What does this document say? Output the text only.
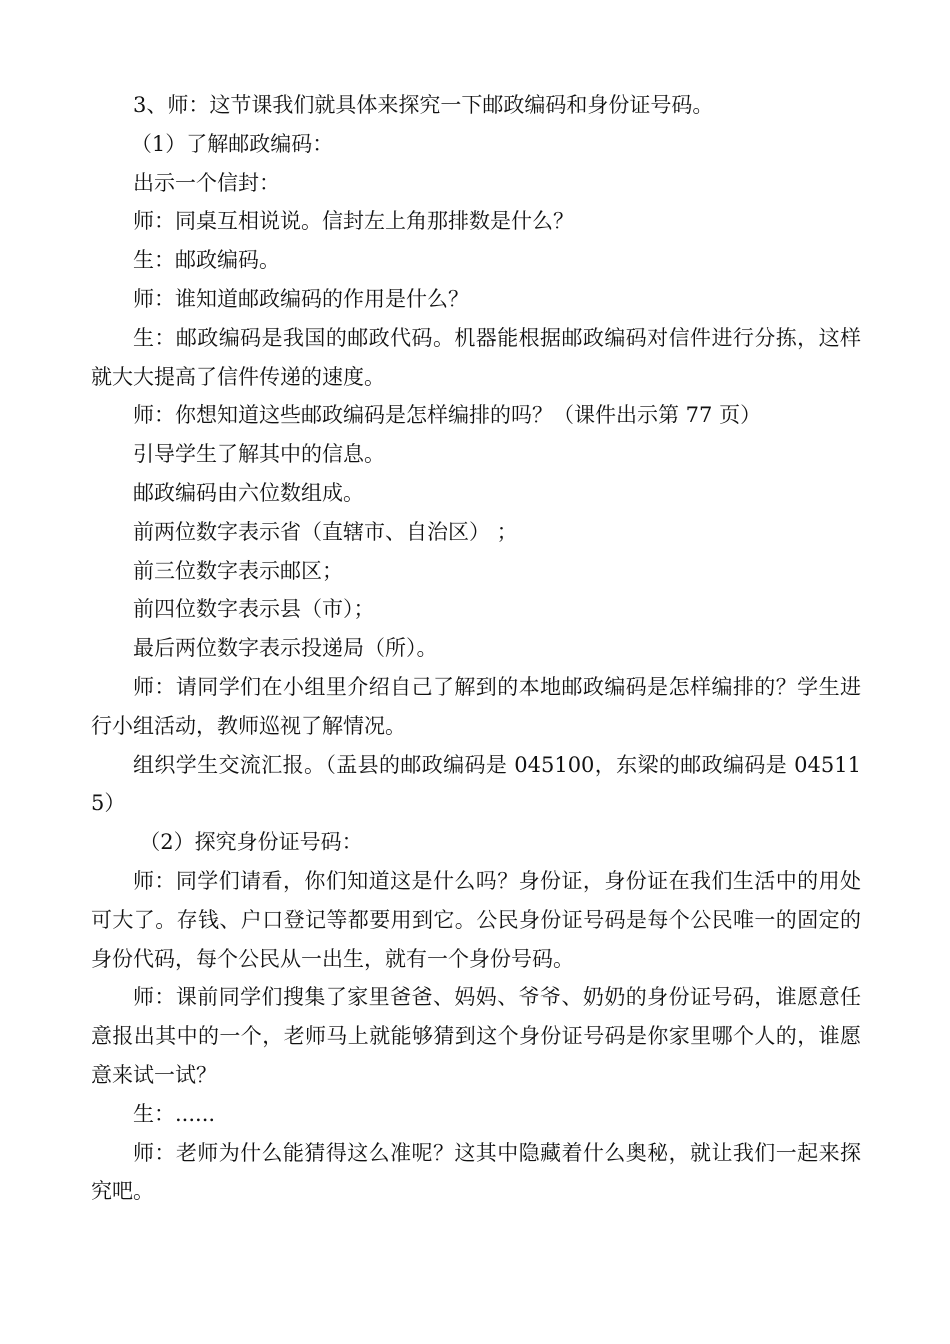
3、师：这节课我们就具体来探究一下邮政编码和身份证号码。

（1）了解邮政编码：

出示一个信封：

师：同桌互相说说。信封左上角那排数是什么？

生：邮政编码。

师：谁知道邮政编码的作用是什么？

生：邮政编码是我国的邮政代码。机器能根据邮政编码对信件进行分拣，这样就大大提高了信件传递的速度。

师：你想知道这些邮政编码是怎样编排的吗？（课件出示第 77 页）

引导学生了解其中的信息。

邮政编码由六位数组成。

前两位数字表示省（直辖市、自治区） ；

前三位数字表示邮区；

前四位数字表示县（市）；

最后两位数字表示投递局（所）。

师：请同学们在小组里介绍自己了解到的本地邮政编码是怎样编排的？学生进行小组活动，教师巡视了解情况。

组织学生交流汇报。（盂县的邮政编码是 045100，东梁的邮政编码是 045115）

（2）探究身份证号码：

师：同学们请看，你们知道这是什么吗？身份证，身份证在我们生活中的用处可大了。存钱、户口登记等都要用到它。公民身份证号码是每个公民唯一的固定的身份代码，每个公民从一出生，就有一个身份号码。

师：课前同学们搜集了家里爸爸、妈妈、爷爷、奶奶的身份证号码，谁愿意任意报出其中的一个，老师马上就能够猜到这个身份证号码是你家里哪个人的，谁愿意来试一试？

生：......

师：老师为什么能猜得这么准呢？这其中隐藏着什么奥秘，就让我们一起来探究吧。
